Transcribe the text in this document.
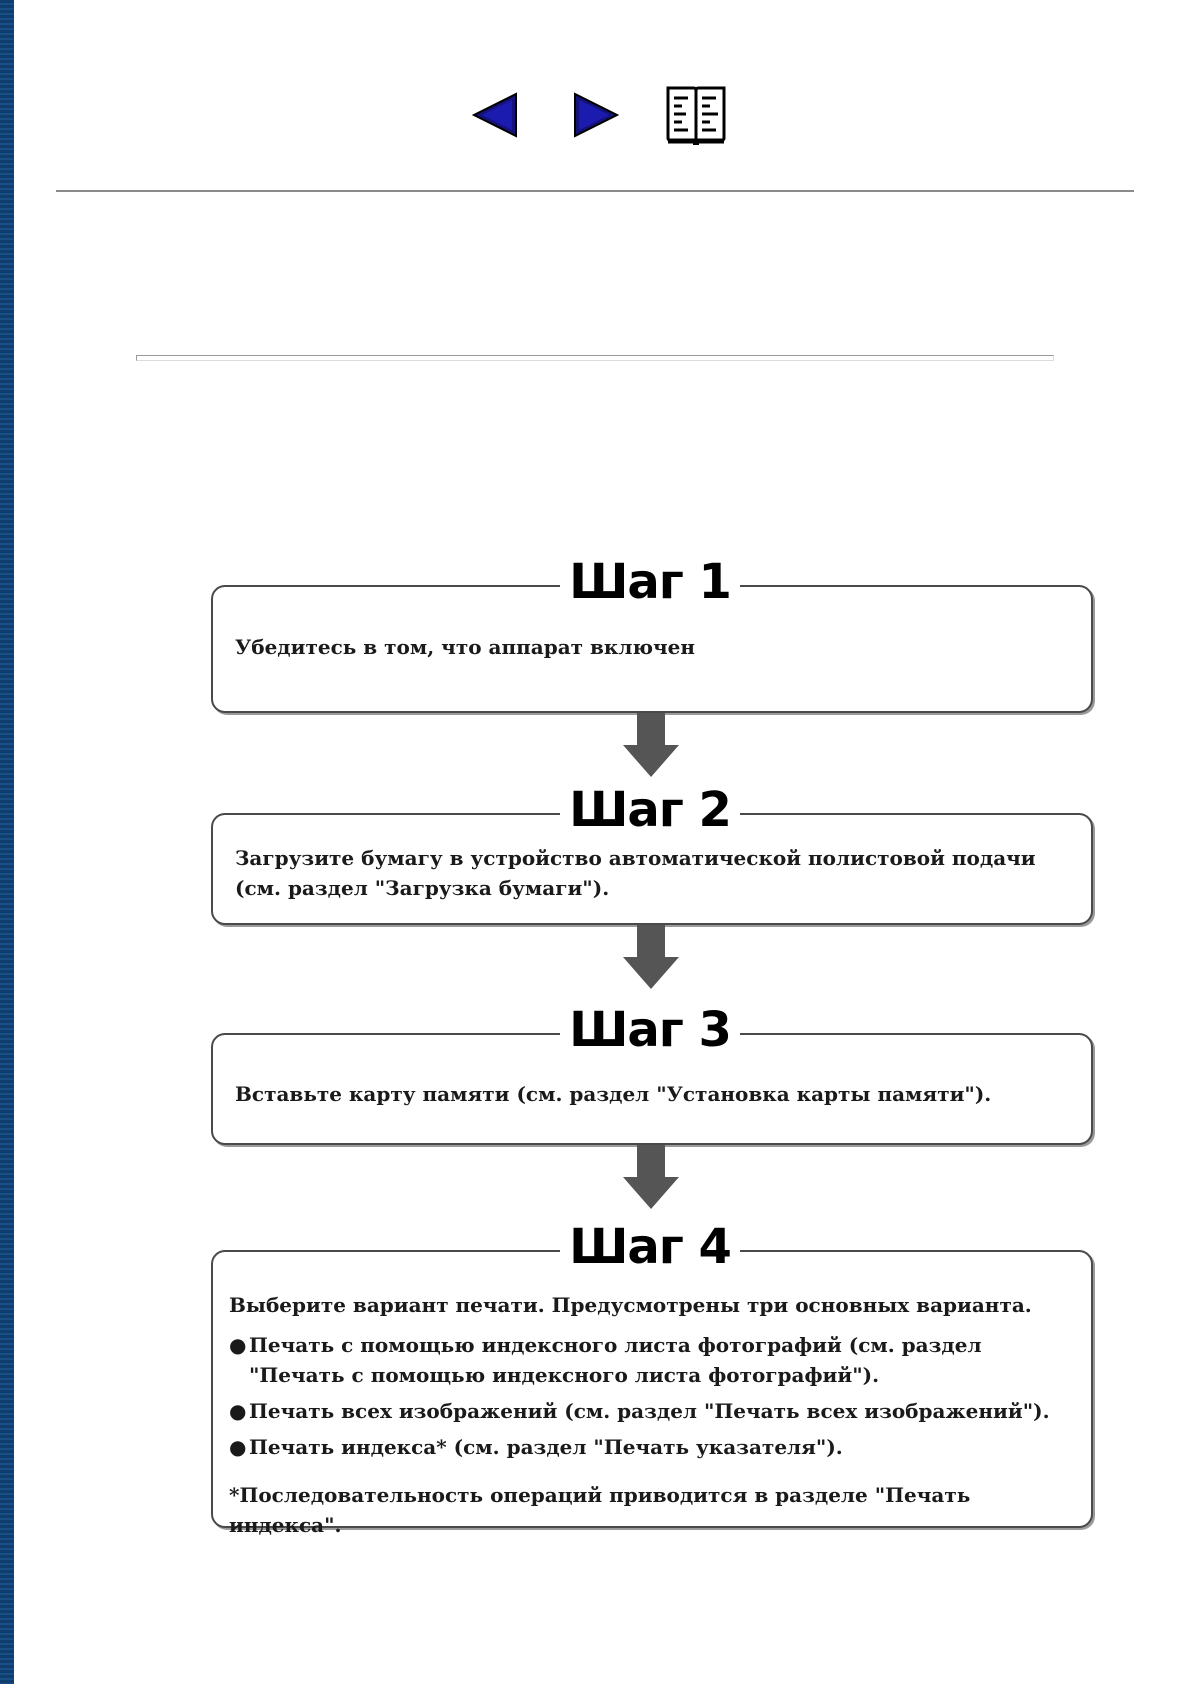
Убедитесь в том, что аппарат включен
Шаг 1
Загрузите бумагу в устройство автоматической полистовой подачи (см. раздел "Загрузка бумаги").
Шаг 2
Вставьте карту памяти (см. раздел "Установка карты памяти").
Шаг 3
Выберите вариант печати. Предусмотрены три основных варианта.
● Печать с помощью индексного листа фотографий (см. раздел "Печать с помощью индексного листа фотографий").
● Печать всех изображений (см. раздел "Печать всех изображений").
● Печать индекса* (см. раздел "Печать указателя").
*Последовательность операций приводится в разделе "Печать индекса".
Шаг 4
